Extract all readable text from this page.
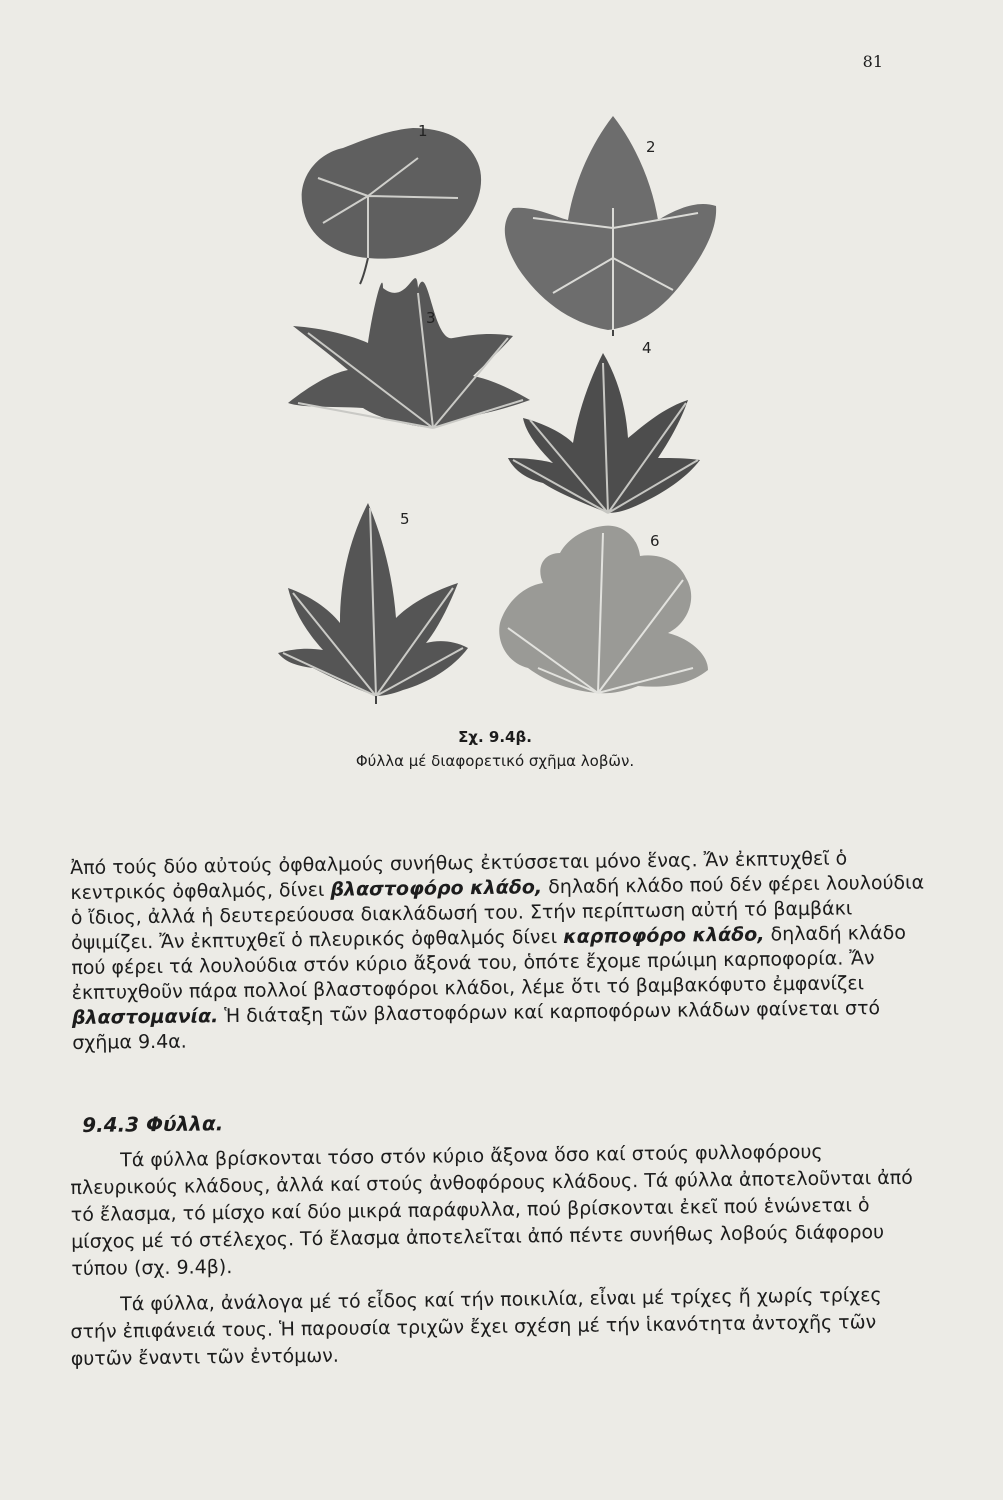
81
1
2
3
4
5
6
Σχ. 9.4β.
Φύλλα μέ διαφορετικό σχῆμα λοβῶν.
Ἀπό τούς δύο αὐτούς ὀφθαλμούς συνήθως ἐκτύσσεται μόνο ἕνας. Ἄν ἐκπτυχθεῖ ὁ κεντρικός ὀφθαλμός, δίνει βλαστοφόρο κλάδο, δηλαδή κλάδο πού δέν φέρει λουλούδια ὁ ἴδιος, ἀλλά ἡ δευτερεύουσα διακλάδωσή του. Στήν περίπτωση αὐτή τό βαμβάκι ὀψιμίζει. Ἄν ἐκπτυχθεῖ ὁ πλευρικός ὀφθαλμός δίνει καρποφόρο κλάδο, δηλαδή κλάδο πού φέρει τά λουλούδια στόν κύριο ἄξονά του, ὁπότε ἔχομε πρώιμη καρποφορία. Ἄν ἐκπτυχθοῦν πάρα πολλοί βλαστοφόροι κλάδοι, λέμε ὅτι τό βαμβακόφυτο ἐμφανίζει βλαστομανία. Ἡ διάταξη τῶν βλαστοφόρων καί καρποφόρων κλάδων φαίνεται στό σχῆμα 9.4α.
9.4.3 Φύλλα.
Τά φύλλα βρίσκονται τόσο στόν κύριο ἄξονα ὅσο καί στούς φυλλοφόρους πλευρικούς κλάδους, ἀλλά καί στούς ἀνθοφόρους κλάδους. Τά φύλλα ἀποτελοῦνται ἀπό τό ἔλασμα, τό μίσχο καί δύο μικρά παράφυλλα, πού βρίσκονται ἐκεῖ πού ἑνώνεται ὁ μίσχος μέ τό στέλεχος. Τό ἔλασμα ἀποτελεῖται ἀπό πέντε συνήθως λοβούς διάφορου τύπου (σχ. 9.4β).
Τά φύλλα, ἀνάλογα μέ τό εἶδος καί τήν ποικιλία, εἶναι μέ τρίχες ἤ χωρίς τρίχες στήν ἐπιφάνειά τους. Ἡ παρουσία τριχῶν ἔχει σχέση μέ τήν ἱκανότητα ἀντοχῆς τῶν φυτῶν ἔναντι τῶν ἐντόμων.
